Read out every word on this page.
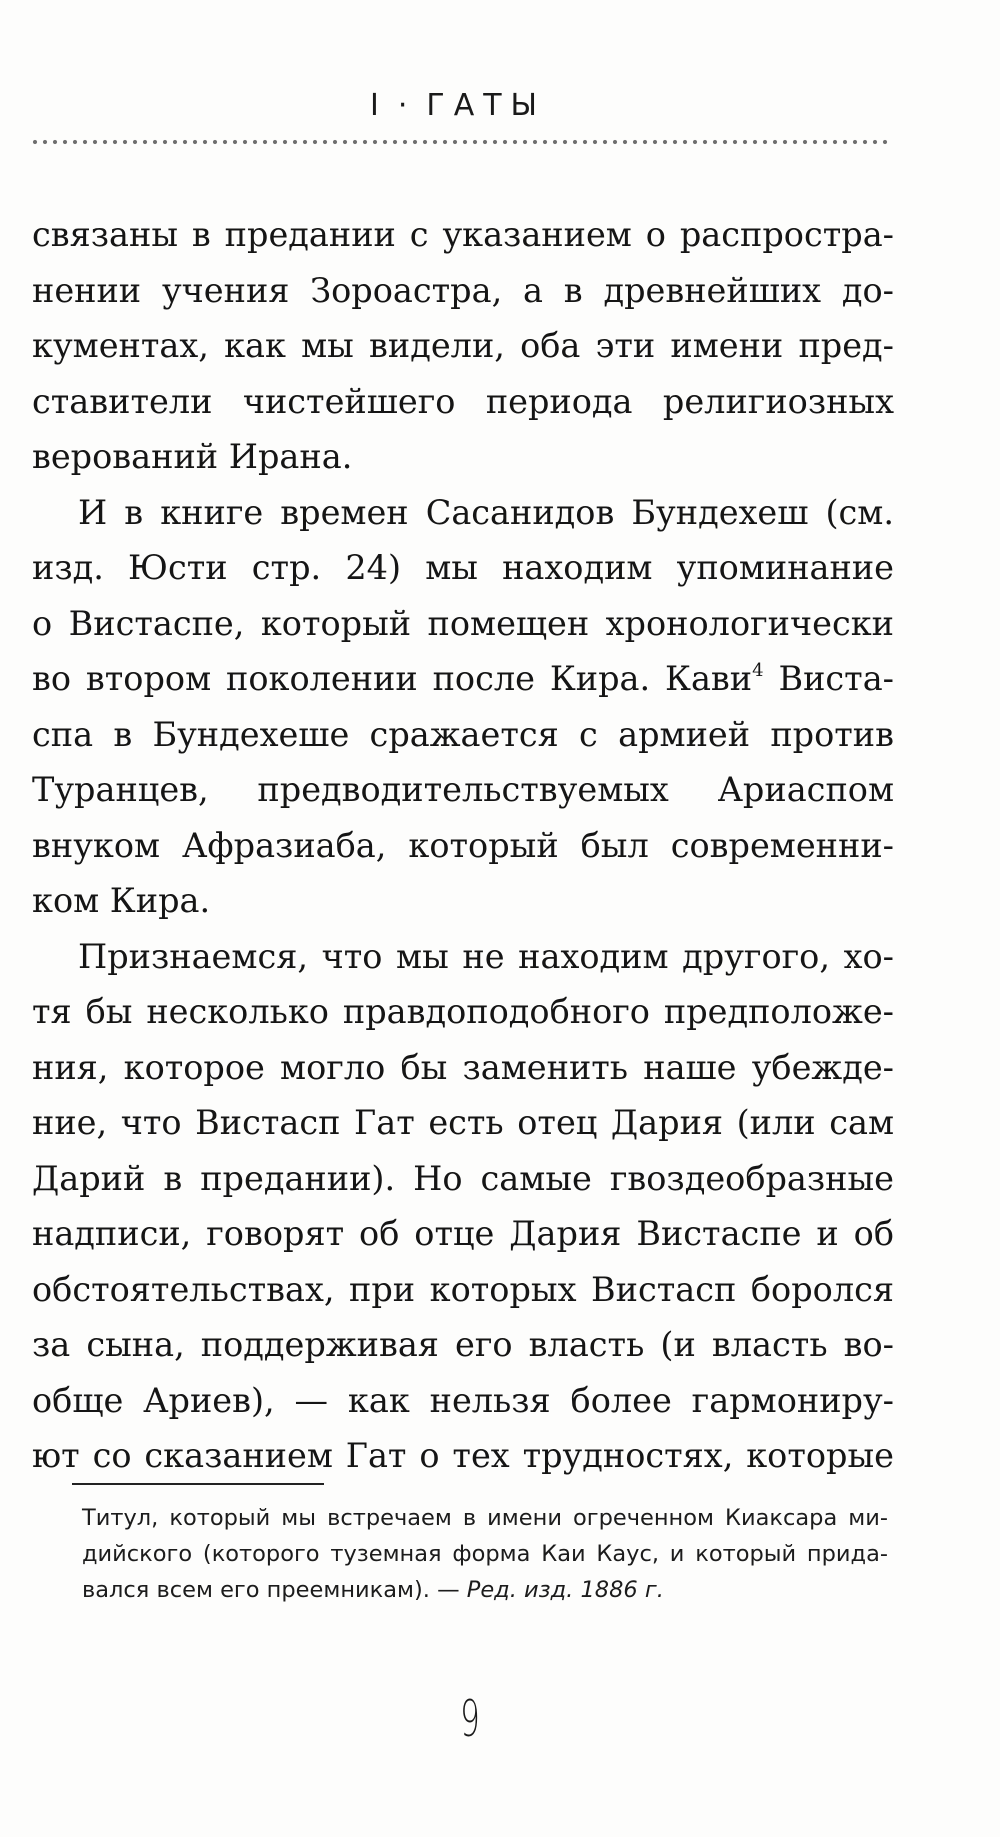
I · ГАТЫ
связаны в предании с указанием о распростра-
нении учения Зороастра, а в древнейших до-
кументах, как мы видели, оба эти имени пред-
ставители чистейшего периода религиозных
верований Ирана.
И в книге времен Сасанидов Бундехеш (см.
изд. Юсти стр. 24) мы находим упоминание
о Вистаспе, который помещен хронологически
во втором поколении после Кира. Кави$^4$ Виста-
спа в Бундехеше сражается с армией против
Туранцев, предводительствуемых Ариаспом
внуком Афразиаба, который был современни-
ком Кира.
Признаемся, что мы не находим другого, хо-
тя бы несколько правдоподобного предположе-
ния, которое могло бы заменить наше убежде-
ние, что Вистасп Гат есть отец Дария (или сам
Дарий в предании). Но самые гвоздеобразные
надписи, говорят об отце Дария Вистаспе и об
обстоятельствах, при которых Вистасп боролся
за сына, поддерживая его власть (и власть во-
обще Ариев), — как нельзя более гармониру-
ют со сказанием Гат о тех трудностях, которые
Титул, который мы встречаем в имени огреченном Киаксара ми-
дийского (которого туземная форма Каи Каус, и который прида-
вался всем его преемникам). — Ред. изд. 1886 г.
9
